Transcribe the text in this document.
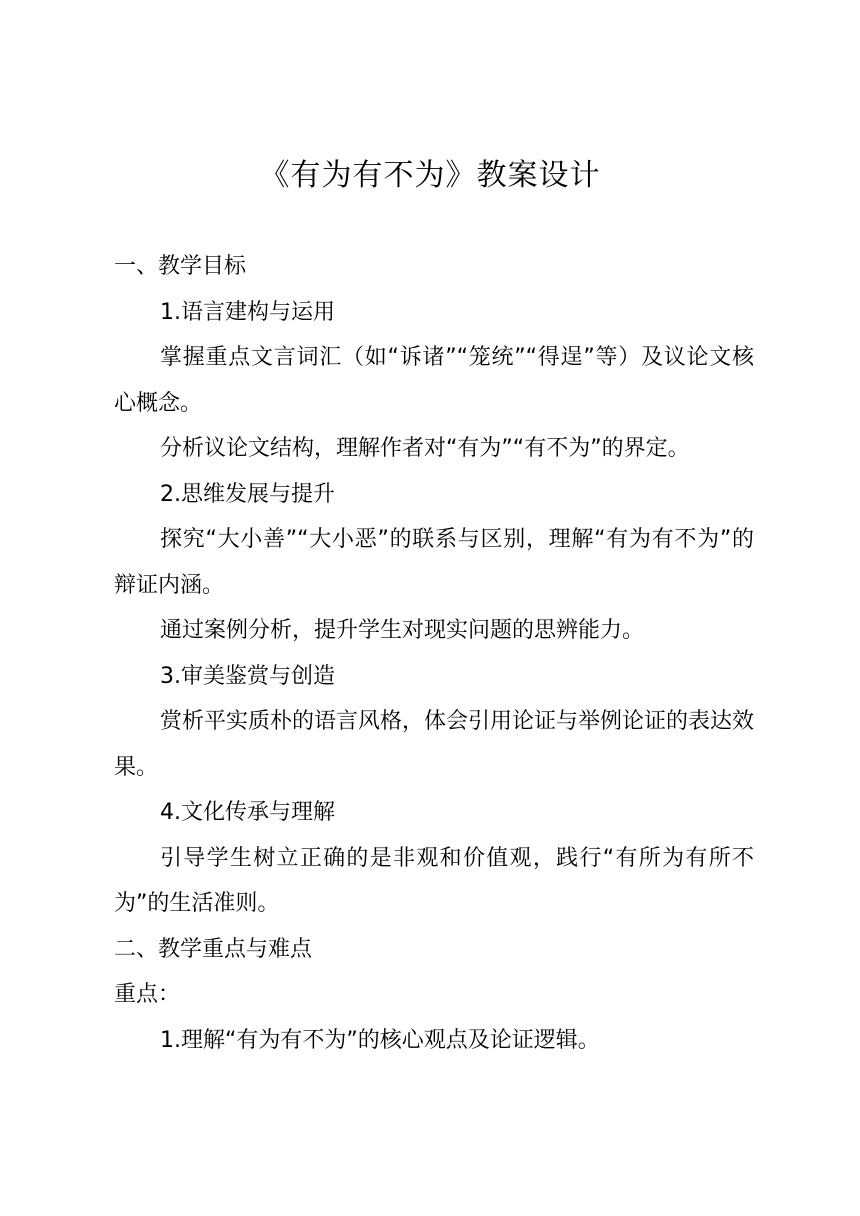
《有为有不为》教案设计

一、教学目标

1.语言建构与运用

掌握重点文言词汇（如“诉诸”“笼统”“得逞”等）及议论文核心概念。

分析议论文结构，理解作者对“有为”“有不为”的界定。

2.思维发展与提升

探究“大小善”“大小恶”的联系与区别，理解“有为有不为”的辩证内涵。

通过案例分析，提升学生对现实问题的思辨能力。

3.审美鉴赏与创造

赏析平实质朴的语言风格，体会引用论证与举例论证的表达效果。

4.文化传承与理解

引导学生树立正确的是非观和价值观，践行“有所为有所不为”的生活准则。

二、教学重点与难点

重点：

1.理解“有为有不为”的核心观点及论证逻辑。
